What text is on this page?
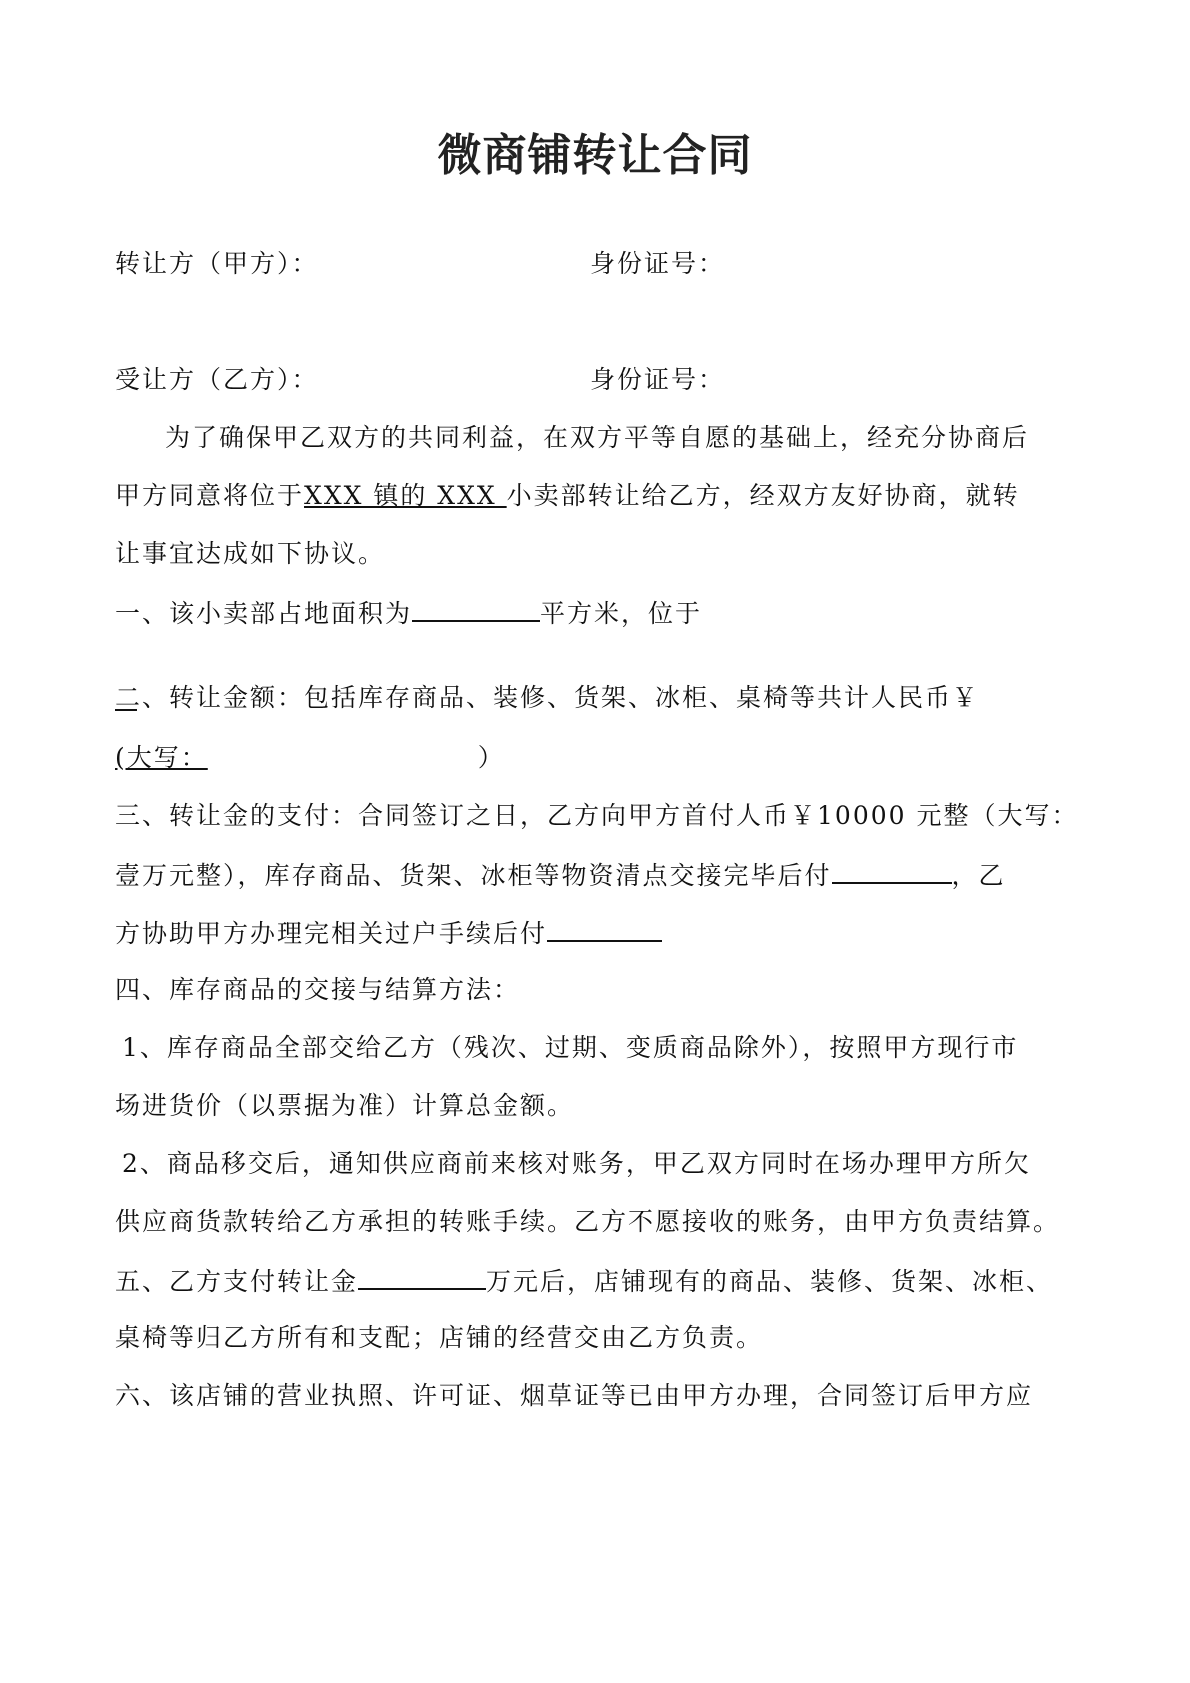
微商铺转让合同
转让方（甲方）：	身份证号：
受让方（乙方）：	身份证号：
为了确保甲乙双方的共同利益，在双方平等自愿的基础上，经充分协商后
甲方同意将位于XXX 镇的 XXX 小卖部转让给乙方，经双方友好协商，就转
让事宜达成如下协议。
一、该小卖部占地面积为	平方米，位于
二、转让金额：包括库存商品、装修、货架、冰柜、桌椅等共计人民币￥
(大写：	）
三、转让金的支付：合同签订之日，乙方向甲方首付人币￥10000 元整（大写：
壹万元整），库存商品、货架、冰柜等物资清点交接完毕后付	，乙
方协助甲方办理完相关过户手续后付
四、库存商品的交接与结算方法：
1、库存商品全部交给乙方（残次、过期、变质商品除外），按照甲方现行市
场进货价（以票据为准）计算总金额。
2、商品移交后，通知供应商前来核对账务，甲乙双方同时在场办理甲方所欠
供应商货款转给乙方承担的转账手续。乙方不愿接收的账务，由甲方负责结算。
五、乙方支付转让金	万元后，店铺现有的商品、装修、货架、冰柜、
桌椅等归乙方所有和支配；店铺的经营交由乙方负责。
六、该店铺的营业执照、许可证、烟草证等已由甲方办理，合同签订后甲方应
